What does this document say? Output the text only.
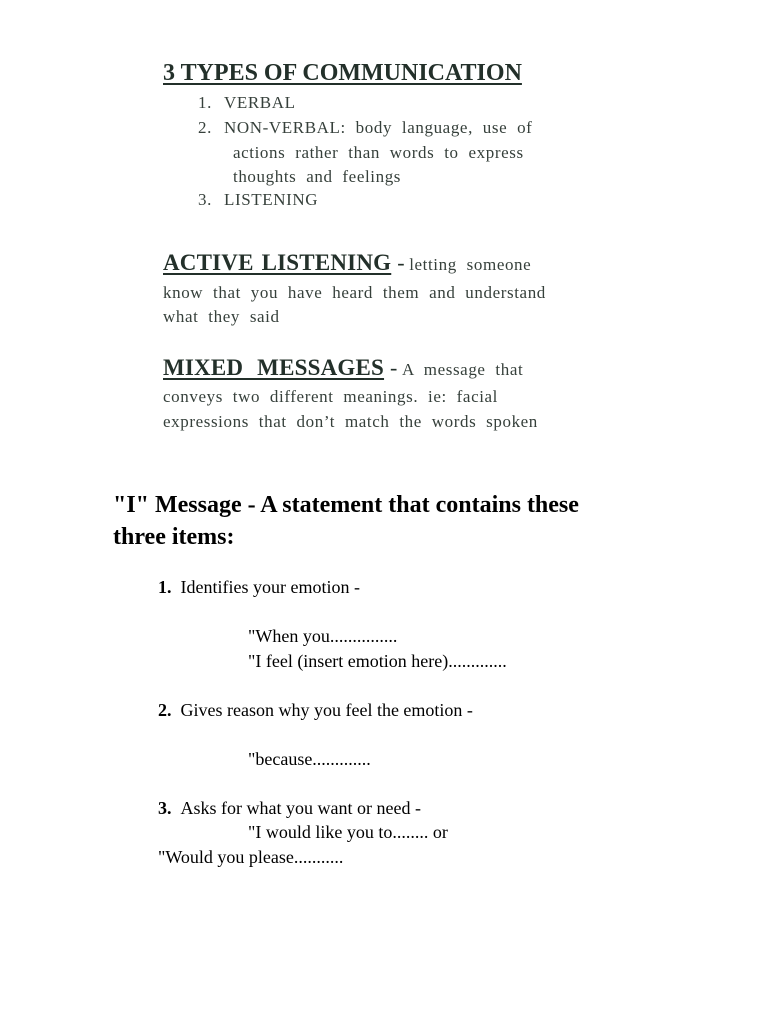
3 TYPES OF COMMUNICATION
1. VERBAL
2. NON-VERBAL: body language, use of
actions rather than words to express
thoughts and feelings
3. LISTENING
ACTIVE LISTENING - letting someone
know that you have heard them and understand
what they said
MIXED MESSAGES - A message that
conveys two different meanings. ie: facial
expressions that don’t match the words spoken
"I" Message - A statement that contains these
three items:
1. Identifies your emotion -
"When you...............
"I feel (insert emotion here).............
2. Gives reason why you feel the emotion -
"because.............
3. Asks for what you want or need -
"I would like you to........ or
"Would you please...........
